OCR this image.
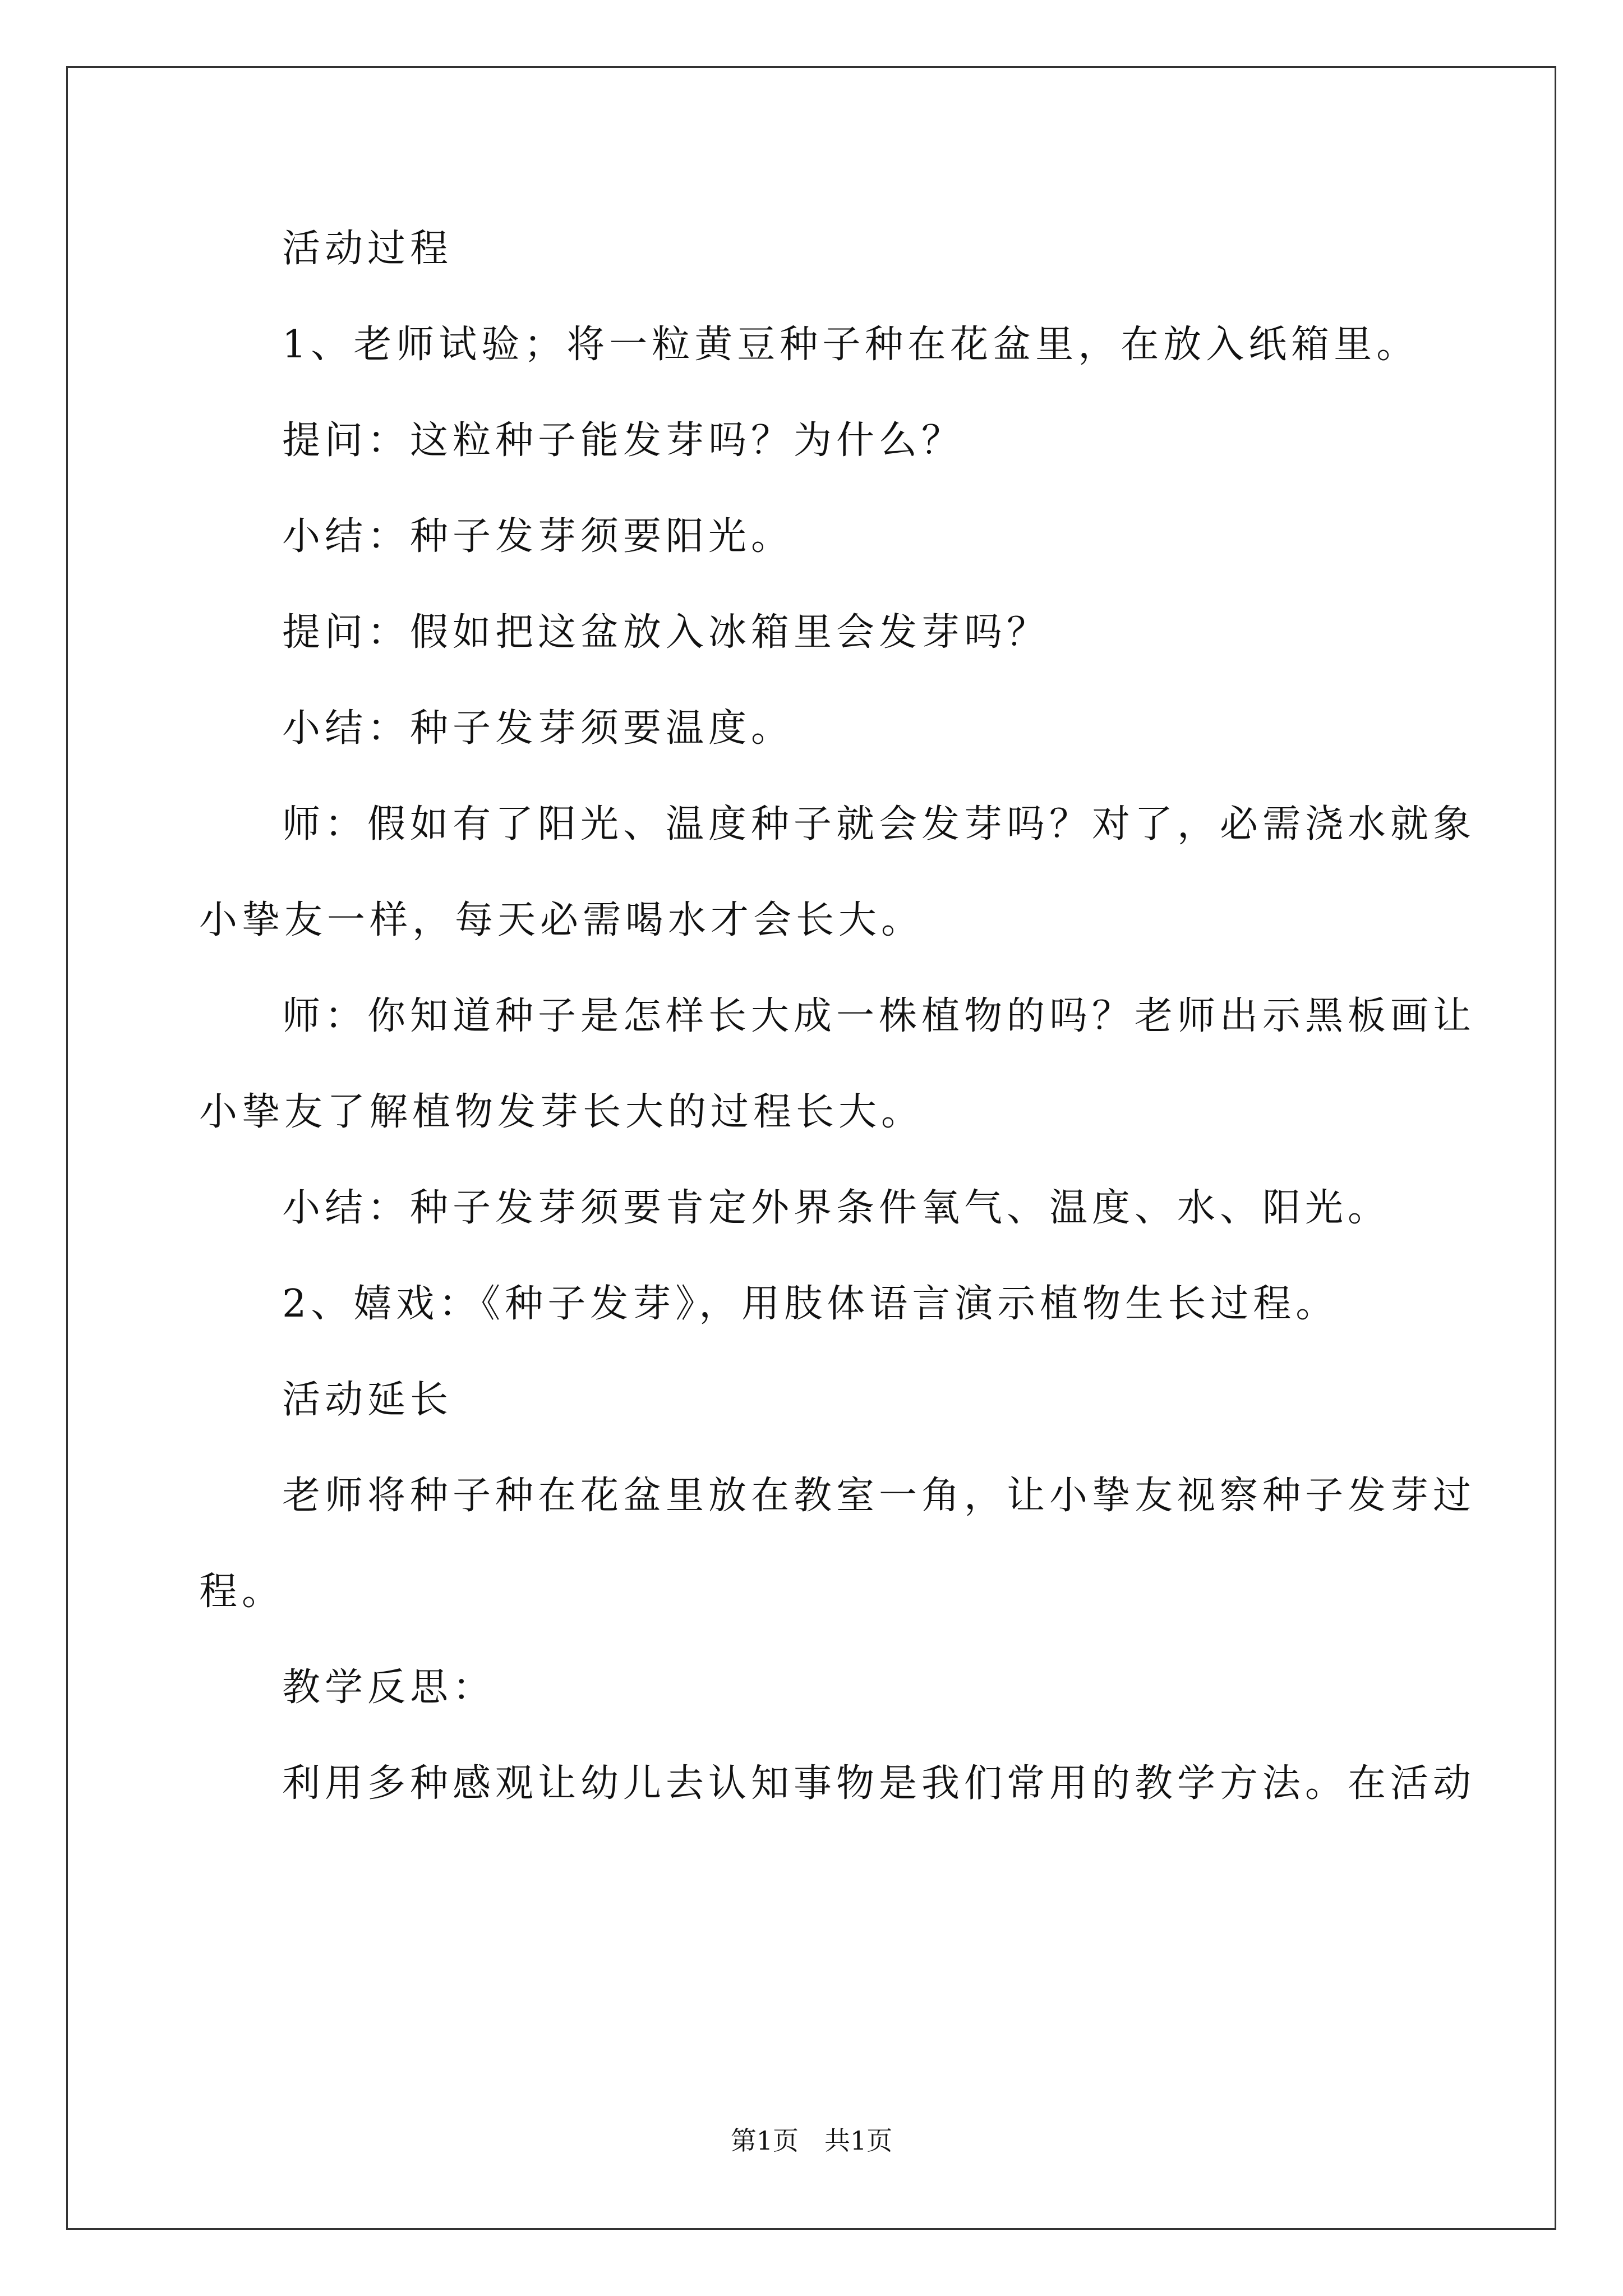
活动过程
1、老师试验；将一粒黄豆种子种在花盆里，在放入纸箱里。
提问：这粒种子能发芽吗？为什么？
小结：种子发芽须要阳光。
提问：假如把这盆放入冰箱里会发芽吗？
小结：种子发芽须要温度。
师：假如有了阳光、温度种子就会发芽吗？对了，必需浇水就象
小挚友一样，每天必需喝水才会长大。
师：你知道种子是怎样长大成一株植物的吗？老师出示黑板画让
小挚友了解植物发芽长大的过程长大。
小结：种子发芽须要肯定外界条件氧气、温度、水、阳光。
2、嬉戏：《种子发芽》，用肢体语言演示植物生长过程。
活动延长
老师将种子种在花盆里放在教室一角，让小挚友视察种子发芽过
程。
教学反思：
利用多种感观让幼儿去认知事物是我们常用的教学方法。在活动
第1页　共1页
